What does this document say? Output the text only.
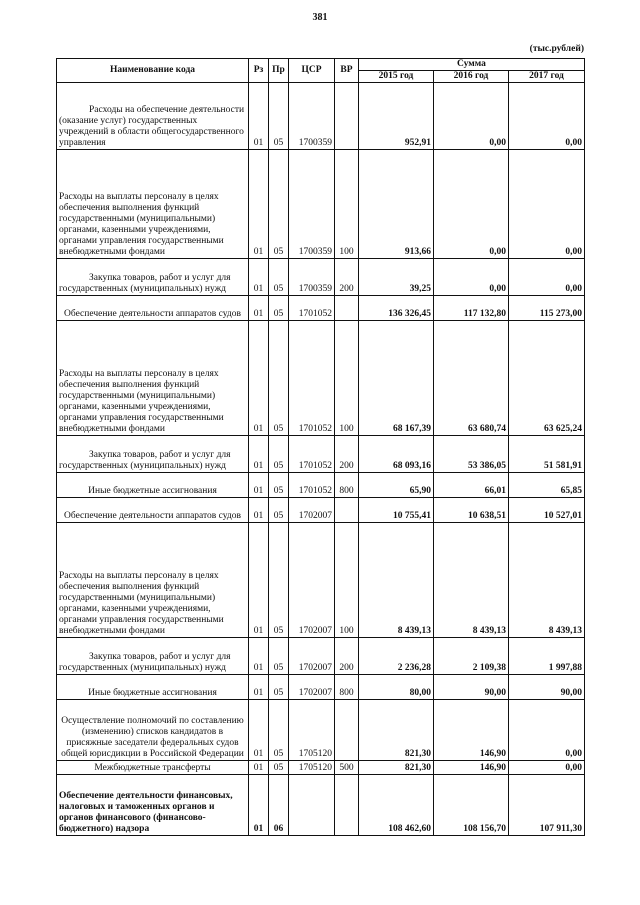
381
(тыс.рублей)
Наименование кода	Рз	Пр	ЦСР	ВР	Сумма		
					2015 год	2016 год	2017 год
Расходы на обеспечение деятельности (оказание услуг) государственных учреждений в области общегосударственного управления	01	05	1700359		952,91	0,00	0,00
Расходы на выплаты персоналу в целях обеспечения выполнения функций государственными (муниципальными) органами, казенными учреждениями, органами управления государственными внебюджетными фондами	01	05	1700359	100	913,66	0,00	0,00
Закупка товаров, работ и услуг для государственных (муниципальных) нужд	01	05	1700359	200	39,25	0,00	0,00
Обеспечение деятельности аппаратов судов	01	05	1701052		136 326,45	117 132,80	115 273,00
Расходы на выплаты персоналу в целях обеспечения выполнения функций государственными (муниципальными) органами, казенными учреждениями, органами управления государственными внебюджетными фондами	01	05	1701052	100	68 167,39	63 680,74	63 625,24
Закупка товаров, работ и услуг для государственных (муниципальных) нужд	01	05	1701052	200	68 093,16	53 386,05	51 581,91
Иные бюджетные ассигнования	01	05	1701052	800	65,90	66,01	65,85
Обеспечение деятельности аппаратов судов	01	05	1702007		10 755,41	10 638,51	10 527,01
Расходы на выплаты персоналу в целях обеспечения выполнения функций государственными (муниципальными) органами, казенными учреждениями, органами управления государственными внебюджетными фондами	01	05	1702007	100	8 439,13	8 439,13	8 439,13
Закупка товаров, работ и услуг для государственных (муниципальных) нужд	01	05	1702007	200	2 236,28	2 109,38	1 997,88
Иные бюджетные ассигнования	01	05	1702007	800	80,00	90,00	90,00
Осуществление полномочий по составлению (изменению) списков кандидатов в присяжные заседатели федеральных судов общей юрисдикции в Российской Федерации	01	05	1705120		821,30	146,90	0,00
Межбюджетные трансферты	01	05	1705120	500	821,30	146,90	0,00
Обеспечение деятельности финансовых, налоговых и таможенных органов и органов финансового (финансово-бюджетного) надзора	01	06			108 462,60	108 156,70	107 911,30
